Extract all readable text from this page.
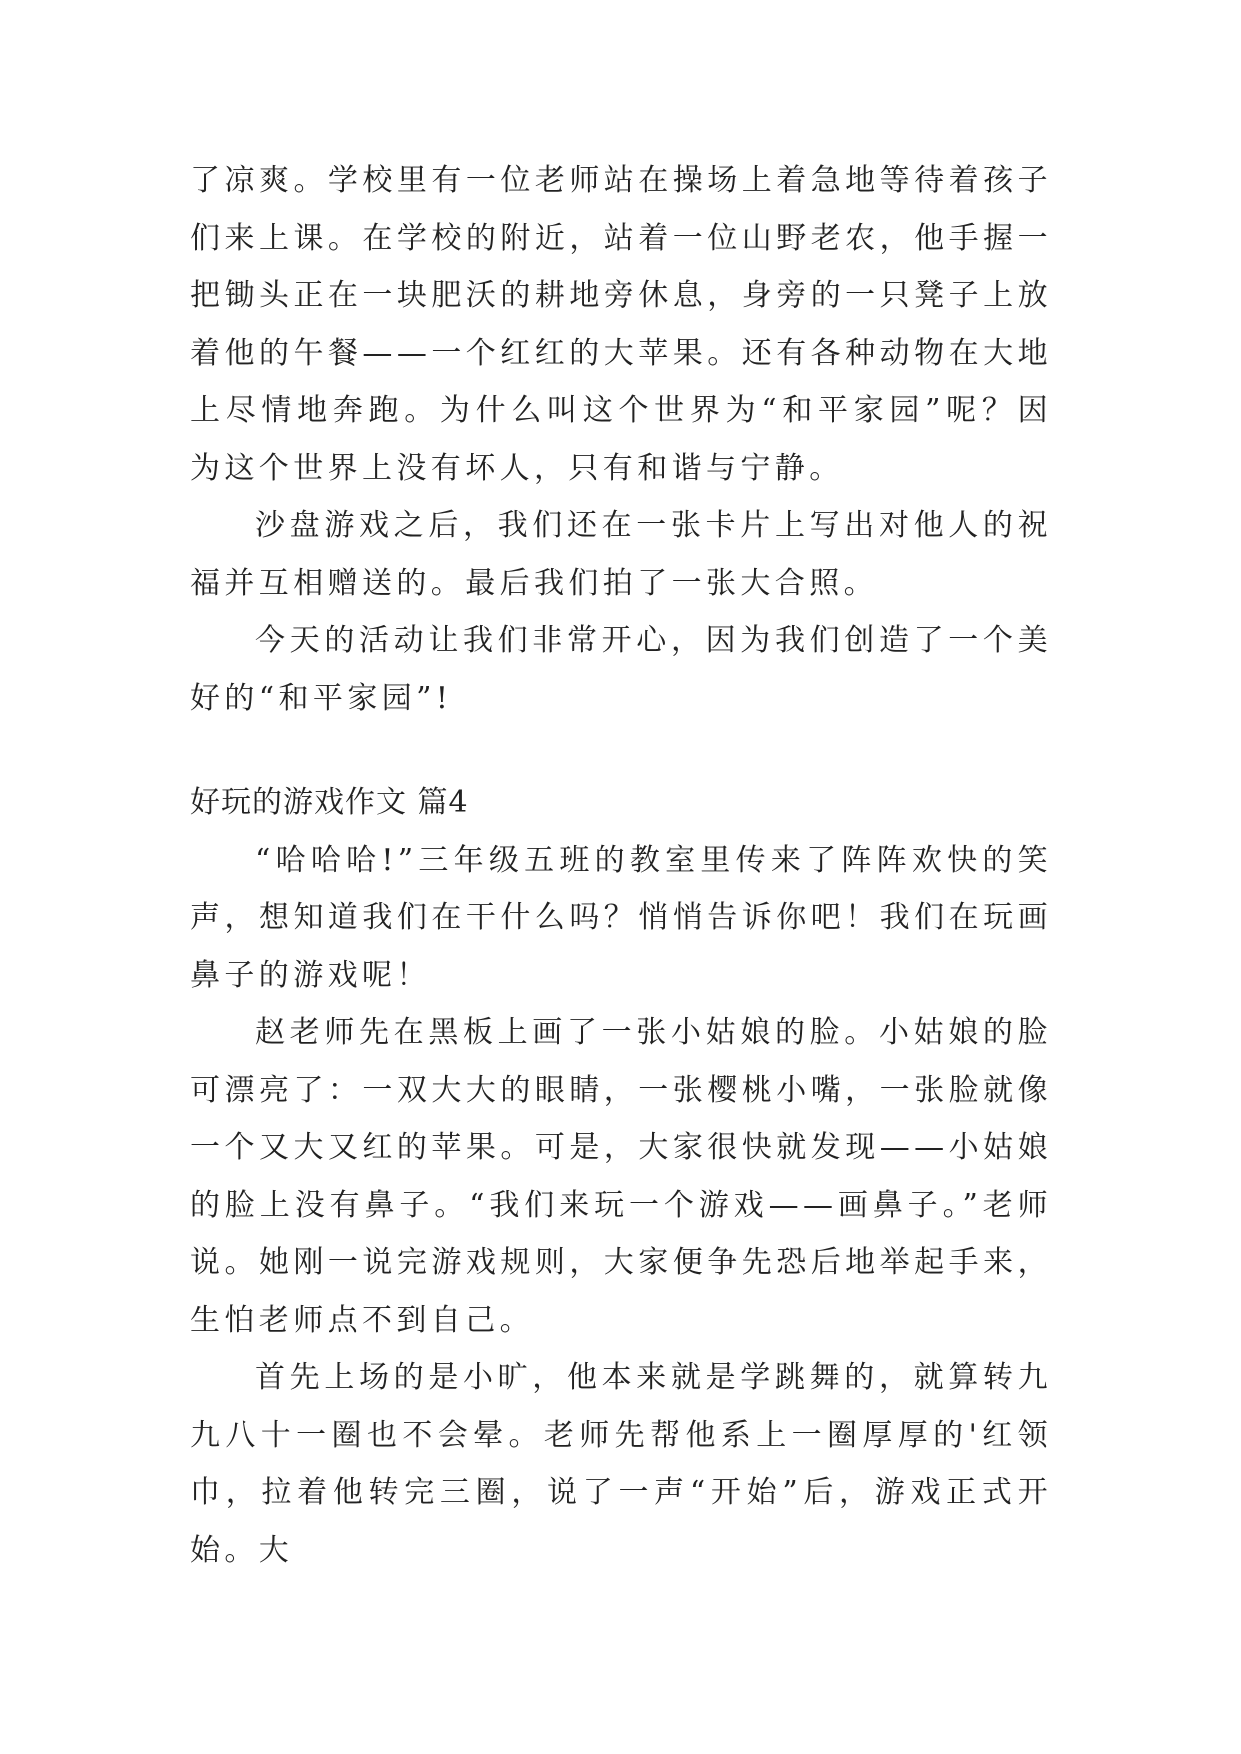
了凉爽。学校里有一位老师站在操场上着急地等待着孩子们来上课。在学校的附近，站着一位山野老农，他手握一把锄头正在一块肥沃的耕地旁休息，身旁的一只凳子上放着他的午餐——一个红红的大苹果。还有各种动物在大地上尽情地奔跑。为什么叫这个世界为“和平家园”呢？因为这个世界上没有坏人，只有和谐与宁静。

沙盘游戏之后，我们还在一张卡片上写出对他人的祝福并互相赠送的。最后我们拍了一张大合照。

今天的活动让我们非常开心，因为我们创造了一个美好的“和平家园”!

好玩的游戏作文 篇4

“哈哈哈!”三年级五班的教室里传来了阵阵欢快的笑声，想知道我们在干什么吗？悄悄告诉你吧！我们在玩画鼻子的游戏呢！

赵老师先在黑板上画了一张小姑娘的脸。小姑娘的脸可漂亮了：一双大大的眼睛，一张樱桃小嘴，一张脸就像一个又大又红的苹果。可是，大家很快就发现——小姑娘的脸上没有鼻子。“我们来玩一个游戏——画鼻子。”老师说。她刚一说完游戏规则，大家便争先恐后地举起手来，生怕老师点不到自己。

首先上场的是小旷，他本来就是学跳舞的，就算转九九八十一圈也不会晕。老师先帮他系上一圈厚厚的'红领巾，拉着他转完三圈，说了一声“开始”后，游戏正式开始。大
